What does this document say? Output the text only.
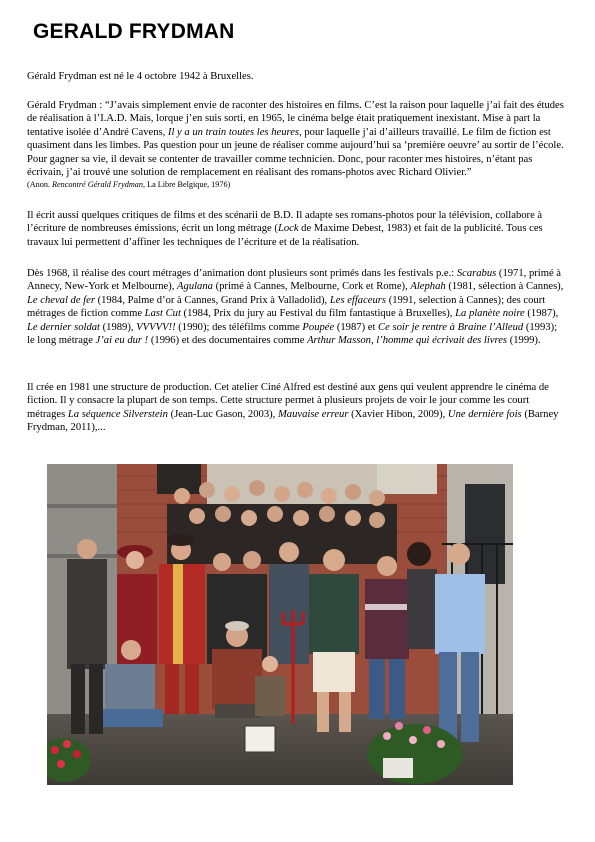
GERALD FRYDMAN

Gérald Frydman est né le 4 octobre 1942 à Bruxelles.

Gérald Frydman : “J’avais simplement envie de raconter des histoires en films. C’est la raison pour laquelle j’ai fait des études de réalisation à l’I.A.D. Mais, lorque j’en suis sorti, en 1965, le cinéma belge était pratiquement inexistant. Mise à part la tentative isolée d’André Cavens, Il y a un train toutes les heures, pour laquelle j’ai d’ailleurs travaillé. Le film de fiction est quasiment dans les limbes. Pas question pour un jeune de réaliser comme aujourd’hui sa ‘première oeuvre’ au sortir de l’école. Pour gagner sa vie, il devait se contenter de travailler comme technicien. Donc, pour raconter mes histoires, n’étant pas écrivain, j’ai trouvé une solution de remplacement en réalisant des romans-photos avec Richard Olivier.”
(Anon. Rencontré Gérald Frydman, La Libre Belgique, 1976)

Il écrit aussi quelques critiques de films et des scénarii de B.D. Il adapte ses romans-photos pour la télévision, collabore à l’écriture de nombreuses émissions, écrit un long métrage (Lock de Maxime Debest, 1983) et fait de la publicité. Tous ces travaux lui permettent d’affiner les techniques de l’écriture et de la réalisation.

Dès 1968, il réalise des court métrages d’animation dont plusieurs sont primés dans les festivals p.e.: Scarabus (1971, primé à Annecy, New-York et Melbourne), Agulana (primé à Cannes, Melbourne, Cork et Rome), Alephah (1981, sélection à Cannes), Le cheval de fer (1984, Palme d’or à Cannes, Grand Prix à Valladolid), Les effaceurs (1991, selection à Cannes); des court métrages de fiction comme Last Cut (1984, Prix du jury au Festival du film fantastique à Bruxelles), La planète noire (1987), Le dernier soldat (1989), VVVVV!! (1990); des téléfilms comme Poupée (1987) et Ce soir je rentre à Braine l’Alleud (1993); le long métrage J’ai eu dur ! (1996) et des documentaires comme Arthur Masson, l’homme qui écrivait des livres (1999).

Il crée en 1981 une structure de production. Cet atelier Ciné Alfred est destiné aux gens qui veulent apprendre le cinéma de fiction. Il y consacre la plupart de son temps. Cette structure permet à plusieurs projets de voir le jour comme les court métrages La séquence Silverstein (Jean-Luc Gason, 2003), Mauvaise erreur (Xavier Hibon, 2009), Une dernière fois (Barney Frydman, 2011),...
